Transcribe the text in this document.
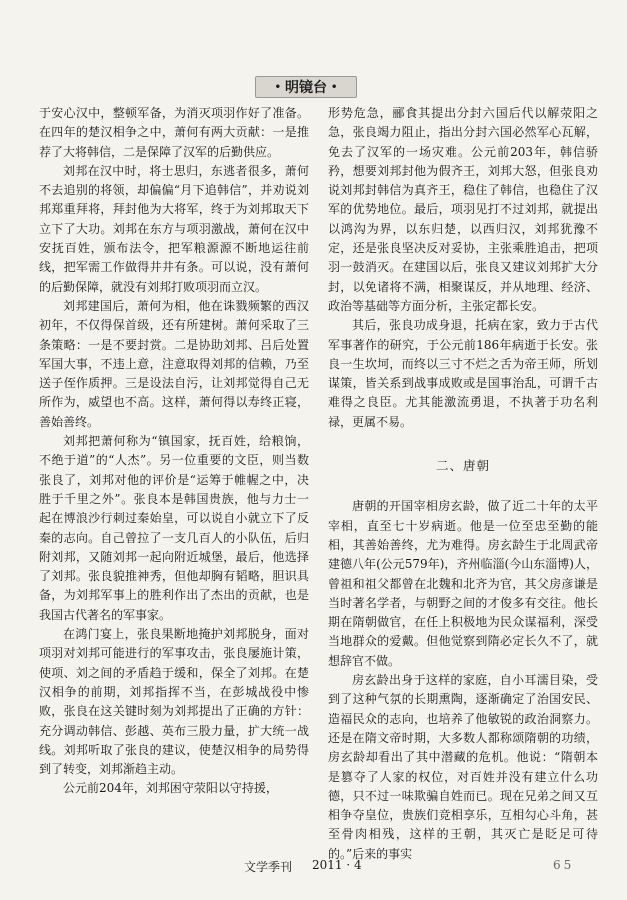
• 明镜台 •

于安心汉中，整顿军备，为消灭项羽作好了准备。在四年的楚汉相争之中，萧何有两大贡献：一是推荐了大将韩信，二是保障了汉军的后勤供应。

刘邦在汉中时，将士思归，东逃者很多，萧何不去追别的将领，却偏偏“月下追韩信”，并劝说刘邦郑重拜将，拜封他为大将军，终于为刘邦取天下立下了大功。刘邦在东方与项羽激战，萧何在汉中安抚百姓，颁布法令，把军粮源源不断地运往前线，把军需工作做得井井有条。可以说，没有萧何的后勤保障，就没有刘邦打败项羽而立汉。

刘邦建国后，萧何为相，他在诛戮频繁的西汉初年，不仅得保首级，还有所建树。萧何采取了三条策略：一是不要封赏。二是协助刘邦、吕后处置军国大事，不违上意，注意取得刘邦的信赖，乃至送子侄作质押。三是设法自污，让刘邦觉得自己无所作为，威望也不高。这样，萧何得以寿终正寝，善始善终。

刘邦把萧何称为“镇国家，抚百姓，给粮饷，不绝于道”的“人杰”。另一位重要的文臣，则当数张良了，刘邦对他的评价是“运筹于帷幄之中，决胜于千里之外”。张良本是韩国贵族，他与力士一起在博浪沙行刺过秦始皇，可以说自小就立下了反秦的志向。自己曾拉了一支几百人的小队伍，后归附刘邦，又随刘邦一起向附近城堡，最后，他选择了刘邦。张良貌推神秀，但他却胸有韬略，胆识具备，为刘邦军事上的胜利作出了杰出的贡献，也是我国古代著名的军事家。

在鸿门宴上，张良果断地掩护刘邦脱身，面对项羽对刘邦可能进行的军事攻击，张良屡施计策，使项、刘之间的矛盾趋于缓和，保全了刘邦。在楚汉相争的前期，刘邦指挥不当，在彭城战役中惨败，张良在这关键时刻为刘邦提出了正确的方针：充分调动韩信、彭越、英布三股力量，扩大统一战线。刘邦听取了张良的建议，使楚汉相争的局势得到了转变，刘邦渐趋主动。

公元前204年，刘邦困守荥阳以守持援，

形势危急，郦食其提出分封六国后代以解荥阳之急，张良竭力阻止，指出分封六国必然军心瓦解，免去了汉军的一场灾难。公元前203年，韩信骄矜，想要刘邦封他为假齐王，刘邦大怒，但张良劝说刘邦封韩信为真齐王，稳住了韩信，也稳住了汉军的优势地位。最后，项羽见打不过刘邦，就提出以鸿沟为界，以东归楚，以西归汉，刘邦犹豫不定，还是张良坚决反对妥协，主张乘胜追击，把项羽一鼓消灭。在建国以后，张良又建议刘邦扩大分封，以免诸将不满，相聚谋反，并从地理、经济、政治等基础等方面分析，主张定都长安。

其后，张良功成身退，托病在家，致力于古代军事著作的研究，于公元前186年病逝于长安。张良一生坎坷，而终以三寸不烂之舌为帝王师，所划谋策，皆关系到战事成败或是国事治乱，可谓千古难得之良臣。尤其能激流勇退，不执著于功名利禄，更属不易。

二、唐朝

唐朝的开国宰相房玄龄，做了近二十年的太平宰相，直至七十岁病逝。他是一位至忠至勤的能相，其善始善终，尤为难得。房玄龄生于北周武帝建德八年(公元579年)，齐州临淄(今山东淄博)人，曾祖和祖父都曾在北魏和北齐为官，其父房彦谦是当时著名学者，与朝野之间的才俊多有交往。他长期在隋朝做官，在任上积极地为民众谋福利，深受当地群众的爱戴。但他觉察到隋必定长久不了，就想辞官不做。

房玄龄出身于这样的家庭，自小耳濡目染，受到了这种气氛的长期熏陶，逐渐确定了治国安民、造福民众的志向，也培养了他敏锐的政治洞察力。还是在隋文帝时期，大多数人都称颂隋朝的功绩，房玄龄却看出了其中潜藏的危机。他说：“隋朝本是篡夺了人家的权位，对百姓并没有建立什么功德，只不过一味欺骗自姓而已。现在兄弟之间又互相争夺皇位，贵族们竞相享乐，互相勾心斗角，甚至骨肉相残，这样的王朝，其灭亡是眨足可待的。”后来的事实

文学季刊 2011 · 4	65
